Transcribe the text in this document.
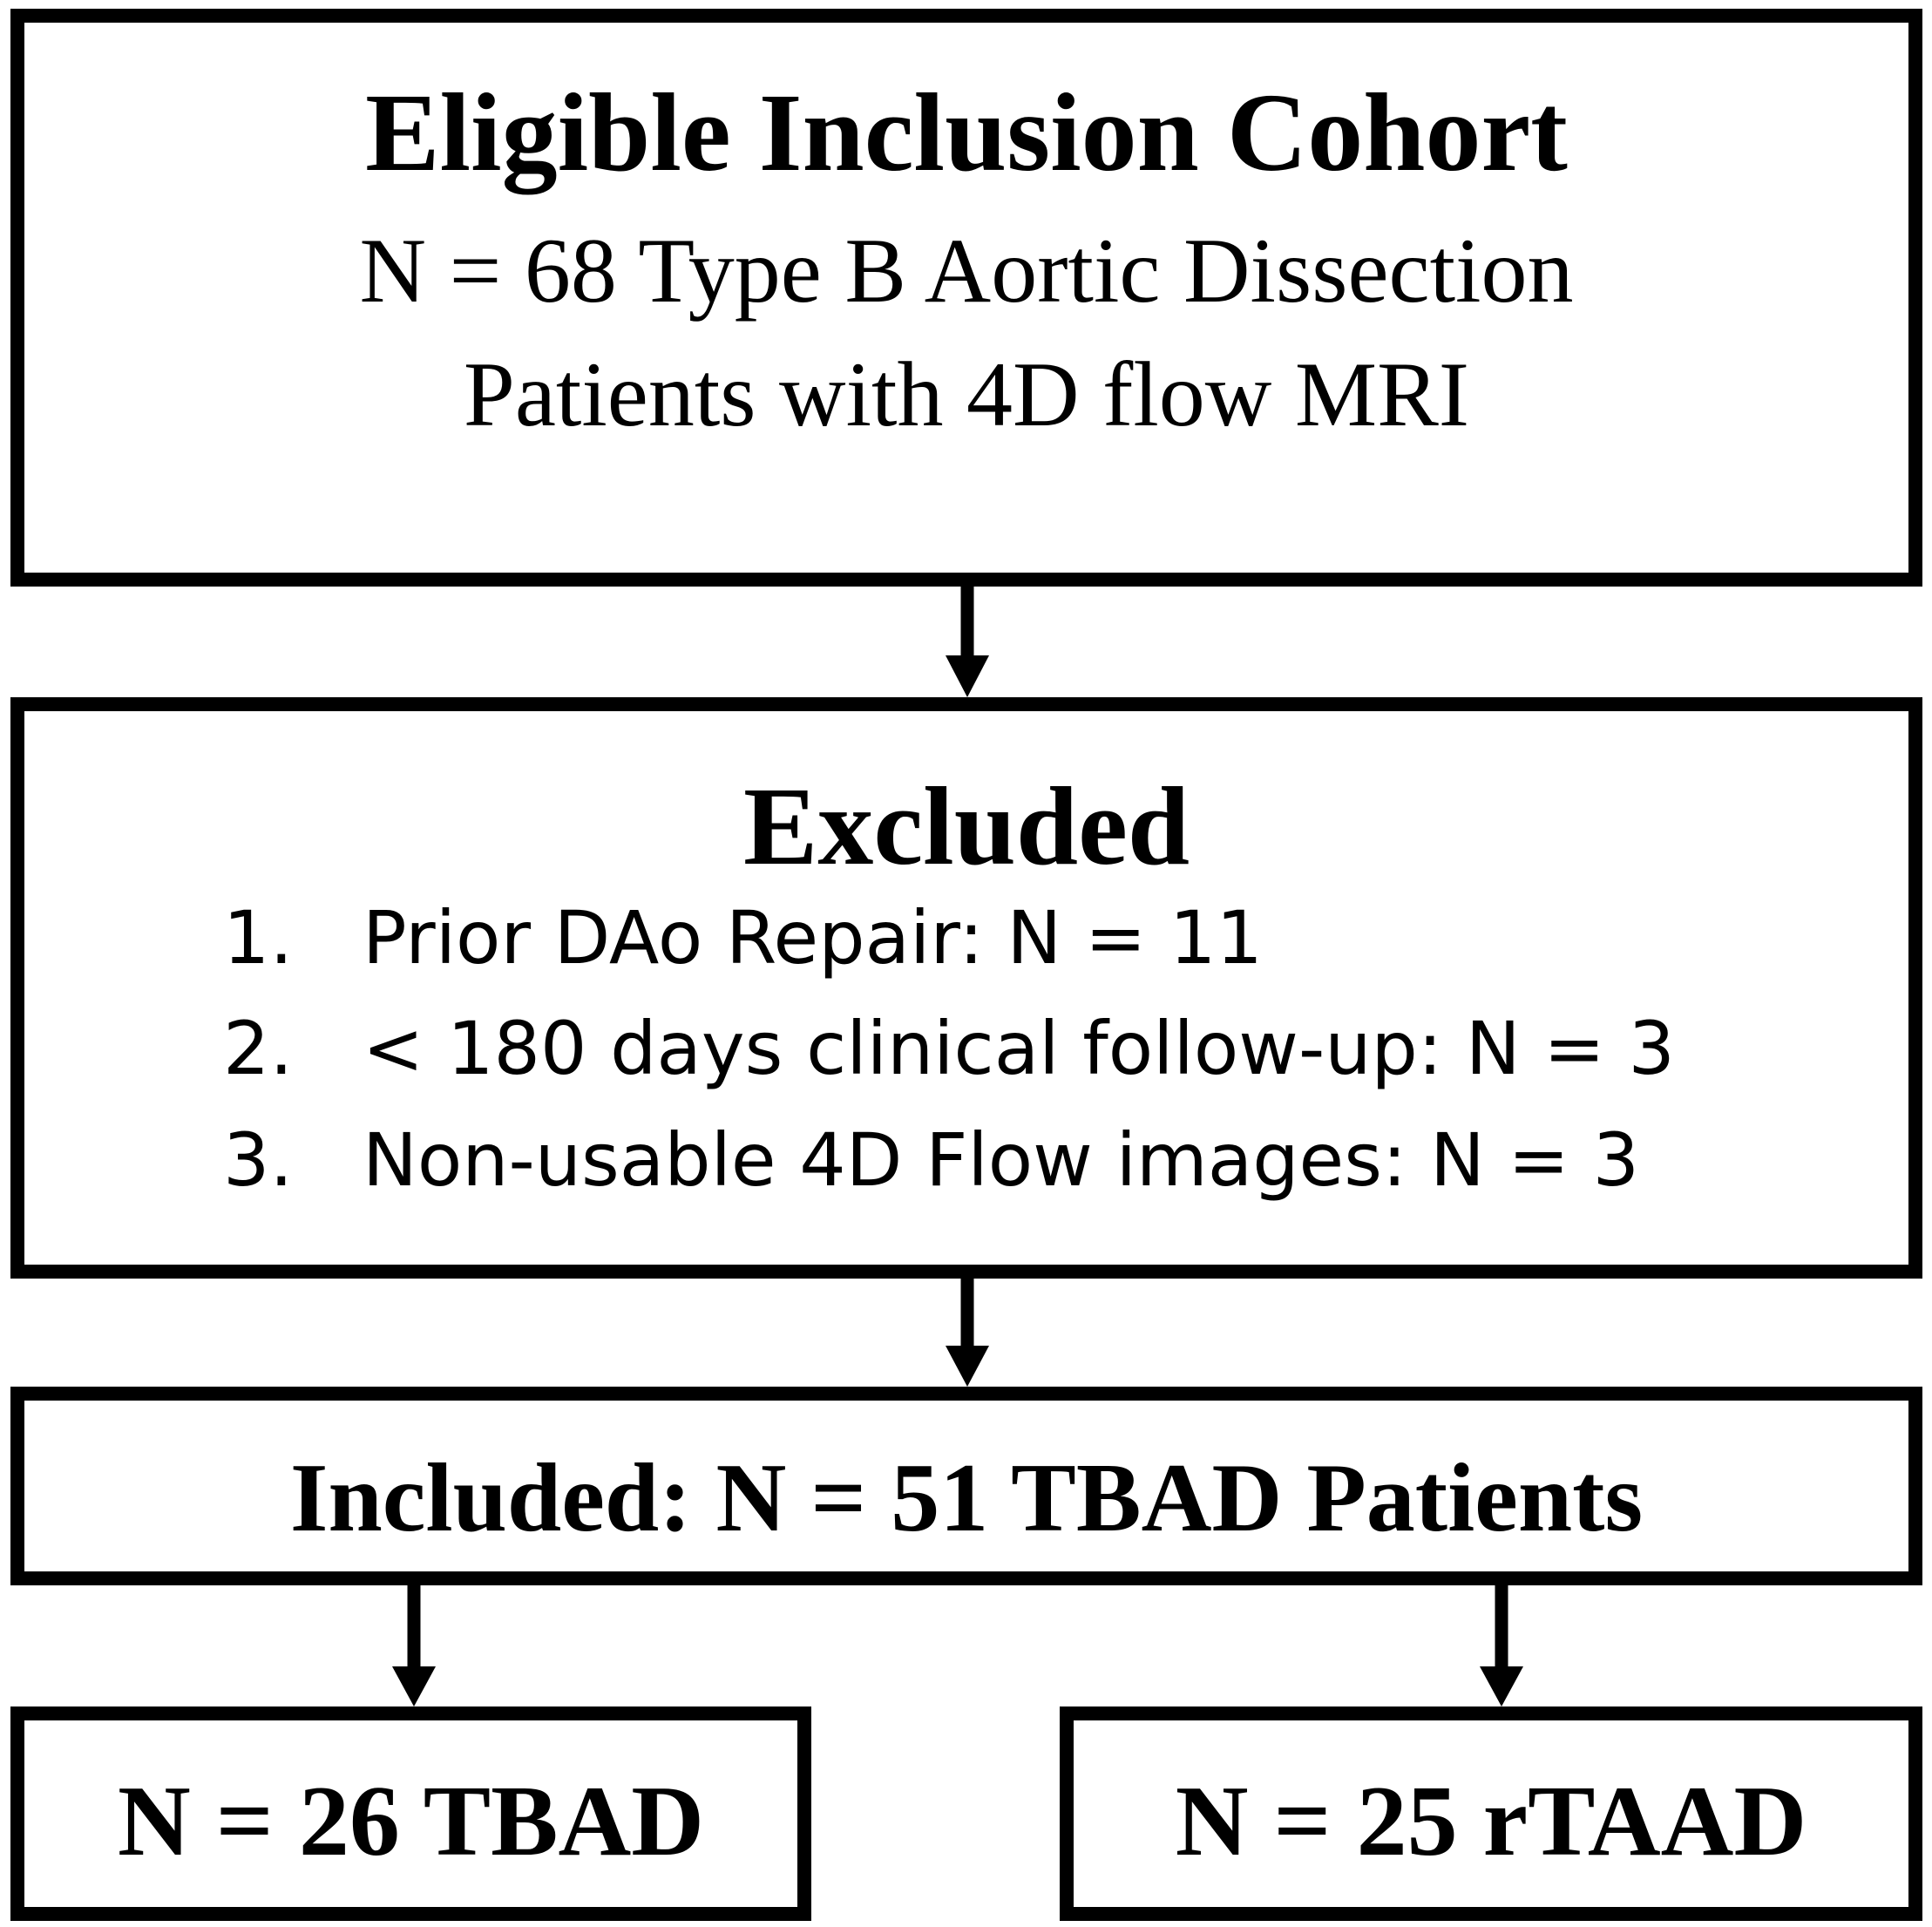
Eligible Inclusion Cohort
N = 68 Type B Aortic Dissection
Patients with 4D flow MRI
Excluded
1. Prior DAo Repair: N = 11
2. < 180 days clinical follow-up: N = 3
3. Non-usable 4D Flow images: N = 3
Included: N = 51 TBAD Patients
N = 26 TBAD	N = 25 rTAAD
